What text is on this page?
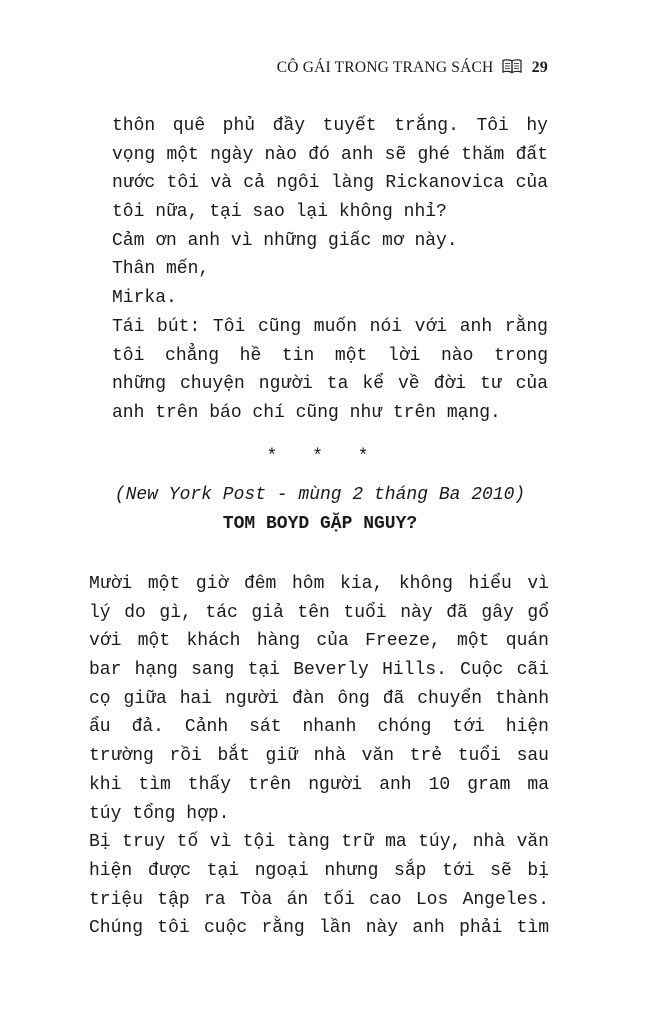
CÔ GÁI TRONG TRANG SÁCH 29
thôn quê phủ đầy tuyết trắng. Tôi hy
vọng một ngày nào đó anh sẽ ghé thăm đất
nước tôi và cả ngôi làng Rickanovica của
tôi nữa, tại sao lại không nhỉ?
Cảm ơn anh vì những giấc mơ này.
Thân mến,
Mirka.
Tái bút: Tôi cũng muốn nói với anh rằng
tôi chẳng hề tin một lời nào trong
những chuyện người ta kể về đời tư của
anh trên báo chí cũng như trên mạng.
* * *
(New York Post - mùng 2 tháng Ba 2010)
TOM BOYD GẶP NGUY?
Mười một giờ đêm hôm kia, không hiểu vì
lý do gì, tác giả tên tuổi này đã gây gổ
với một khách hàng của Freeze, một quán
bar hạng sang tại Beverly Hills. Cuộc cãi
cọ giữa hai người đàn ông đã chuyển thành
ẩu đả. Cảnh sát nhanh chóng tới hiện
trường rồi bắt giữ nhà văn trẻ tuổi sau
khi tìm thấy trên người anh 10 gram ma
túy tổng hợp.
Bị truy tố vì tội tàng trữ ma túy, nhà văn
hiện được tại ngoại nhưng sắp tới sẽ bị
triệu tập ra Tòa án tối cao Los Angeles.
Chúng tôi cuộc rằng lần này anh phải tìm
